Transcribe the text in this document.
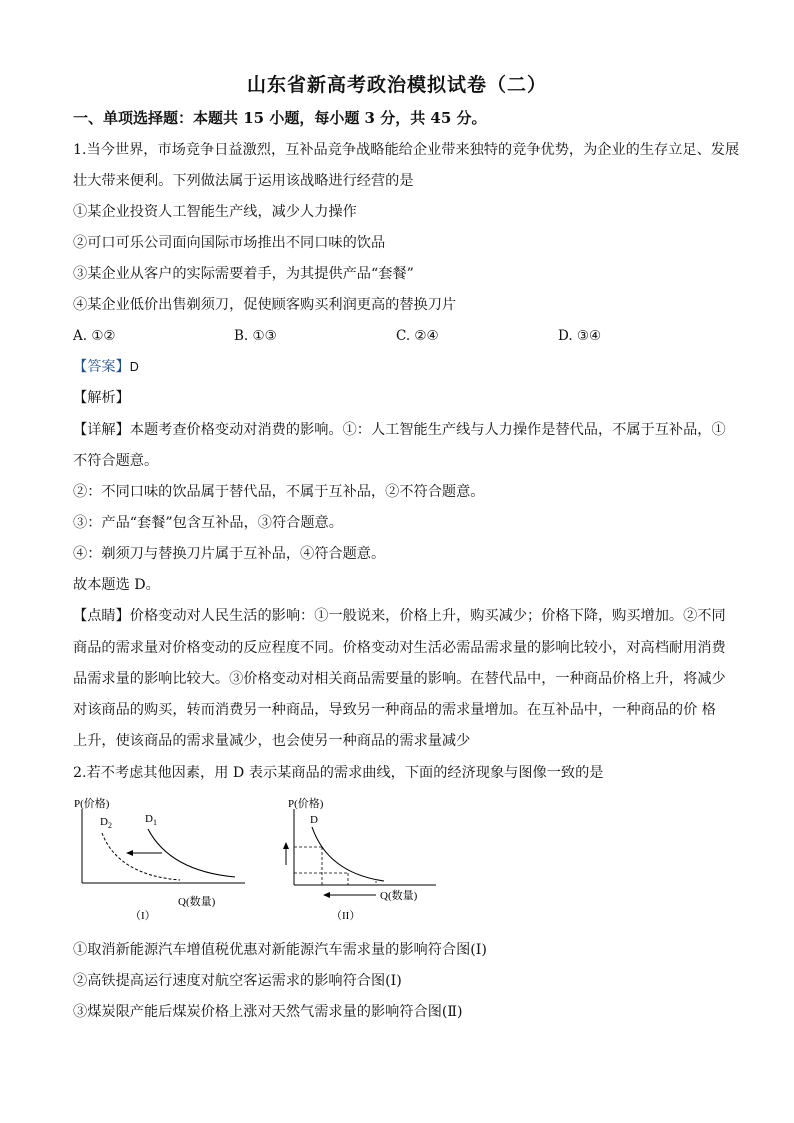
山东省新高考政治模拟试卷（二）
一、单项选择题：本题共 15 小题，每小题 3 分，共 45 分。
1.当今世界，市场竞争日益激烈，互补品竞争战略能给企业带来独特的竞争优势，为企业的生存立足、发展
壮大带来便利。下列做法属于运用该战略进行经营的是
①某企业投资人工智能生产线，减少人力操作
②可口可乐公司面向国际市场推出不同口味的饮品
③某企业从客户的实际需要着手，为其提供产品“套餐”
④某企业低价出售剃须刀，促使顾客购买利润更高的替换刀片
A. ①②	B. ①③	C. ②④	D. ③④
【答案】D
【解析】
【详解】本题考查价格变动对消费的影响。①：人工智能生产线与人力操作是替代品，不属于互补品，①
不符合题意。
②：不同口味的饮品属于替代品，不属于互补品，②不符合题意。
③：产品“套餐”包含互补品，③符合题意。
④：剃须刀与替换刀片属于互补品，④符合题意。
故本题选 D。
【点睛】价格变动对人民生活的影响：①一般说来，价格上升，购买减少；价格下降，购买增加。②不同
商品的需求量对价格变动的反应程度不同。价格变动对生活必需品需求量的影响比较小，对高档耐用消费
品需求量的影响比较大。③价格变动对相关商品需要量的影响。在替代品中，一种商品价格上升，将减少
对该商品的购买，转而消费另一种商品，导致另一种商品的需求量增加。在互补品中，一种商品的价 格
上升，使该商品的需求量减少，也会使另一种商品的需求量减少
2.若不考虑其他因素，用 D 表示某商品的需求曲线，下面的经济现象与图像一致的是
P(价格)
$D_2$
$D_1$
Q(数量)
（I）
P(价格)
D
Q(数量)
（II）
①取消新能源汽车增值税优惠对新能源汽车需求量的影响符合图(I)
②高铁提高运行速度对航空客运需求的影响符合图(I)
③煤炭限产能后煤炭价格上涨对天然气需求量的影响符合图(Ⅱ)
